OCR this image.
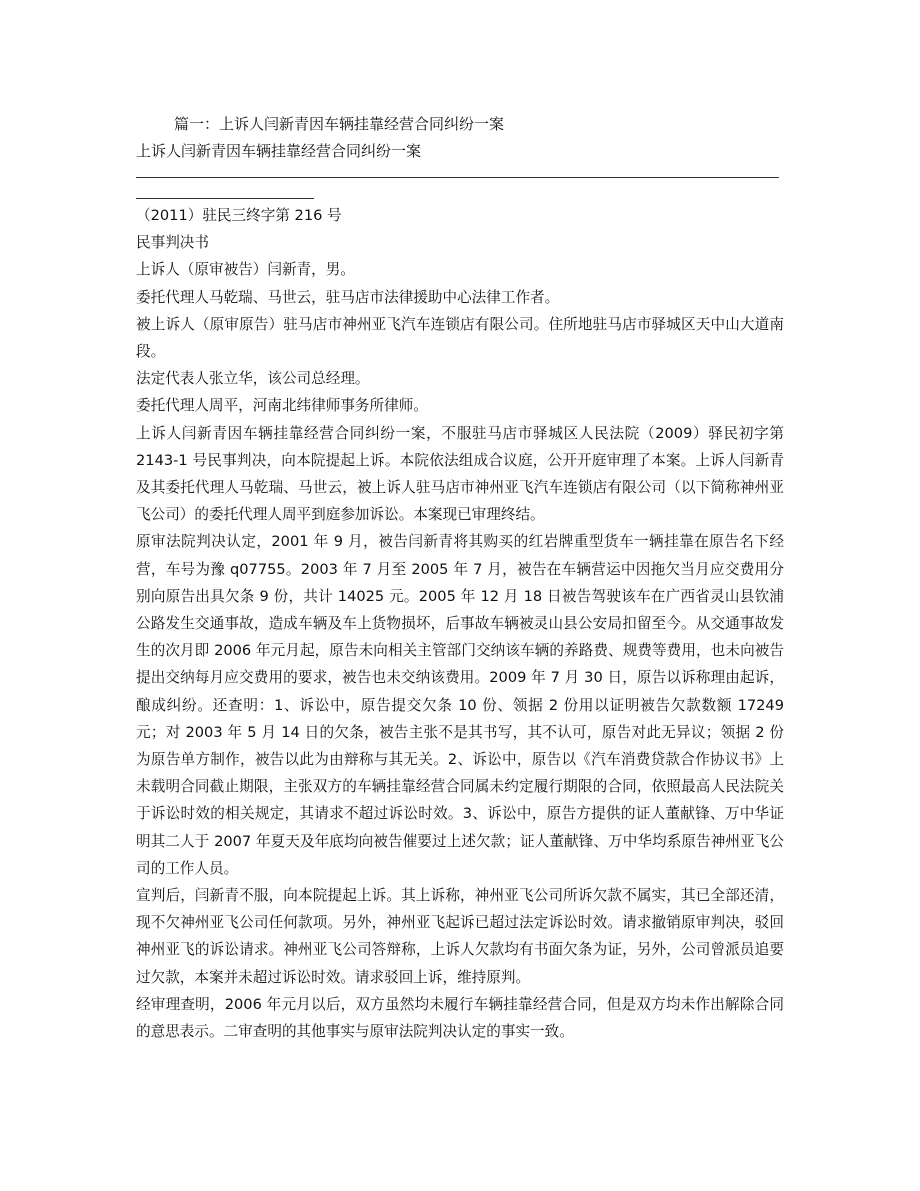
篇一：上诉人闫新青因车辆挂靠经营合同纠纷一案
上诉人闫新青因车辆挂靠经营合同纠纷一案

（2011）驻民三终字第 216 号

民事判决书

上诉人（原审被告）闫新青，男。

委托代理人马乾瑞、马世云，驻马店市法律援助中心法律工作者。

被上诉人（原审原告）驻马店市神州亚飞汽车连锁店有限公司。住所地驻马店市驿城区天中山大道南段。

法定代表人张立华，该公司总经理。

委托代理人周平，河南北纬律师事务所律师。

上诉人闫新青因车辆挂靠经营合同纠纷一案，不服驻马店市驿城区人民法院（2009）驿民初字第 2143-1 号民事判决，向本院提起上诉。本院依法组成合议庭，公开开庭审理了本案。上诉人闫新青及其委托代理人马乾瑞、马世云，被上诉人驻马店市神州亚飞汽车连锁店有限公司（以下简称神州亚飞公司）的委托代理人周平到庭参加诉讼。本案现已审理终结。

原审法院判决认定，2001 年 9 月，被告闫新青将其购买的红岩牌重型货车一辆挂靠在原告名下经营，车号为豫 q07755。2003 年 7 月至 2005 年 7 月，被告在车辆营运中因拖欠当月应交费用分别向原告出具欠条 9 份，共计 14025 元。2005 年 12 月 18 日被告驾驶该车在广西省灵山县钦浦公路发生交通事故，造成车辆及车上货物损坏，后事故车辆被灵山县公安局扣留至今。从交通事故发生的次月即 2006 年元月起，原告未向相关主管部门交纳该车辆的养路费、规费等费用，也未向被告提出交纳每月应交费用的要求，被告也未交纳该费用。2009 年 7 月 30 日，原告以诉称理由起诉，酿成纠纷。还查明：1、诉讼中，原告提交欠条 10 份、领据 2 份用以证明被告欠款数额 17249 元；对 2003 年 5 月 14 日的欠条，被告主张不是其书写，其不认可，原告对此无异议；领据 2 份为原告单方制作，被告以此为由辩称与其无关。2、诉讼中，原告以《汽车消费贷款合作协议书》上未载明合同截止期限，主张双方的车辆挂靠经营合同属未约定履行期限的合同，依照最高人民法院关于诉讼时效的相关规定，其请求不超过诉讼时效。3、诉讼中，原告方提供的证人董献锋、万中华证明其二人于 2007 年夏天及年底均向被告催要过上述欠款；证人董献锋、万中华均系原告神州亚飞公司的工作人员。

宣判后，闫新青不服，向本院提起上诉。其上诉称，神州亚飞公司所诉欠款不属实，其已全部还清，现不欠神州亚飞公司任何款项。另外，神州亚飞起诉已超过法定诉讼时效。请求撤销原审判决，驳回神州亚飞的诉讼请求。神州亚飞公司答辩称，上诉人欠款均有书面欠条为证，另外，公司曾派员追要过欠款，本案并未超过诉讼时效。请求驳回上诉，维持原判。

经审理查明，2006 年元月以后，双方虽然均未履行车辆挂靠经营合同，但是双方均未作出解除合同的意思表示。二审查明的其他事实与原审法院判决认定的事实一致。
